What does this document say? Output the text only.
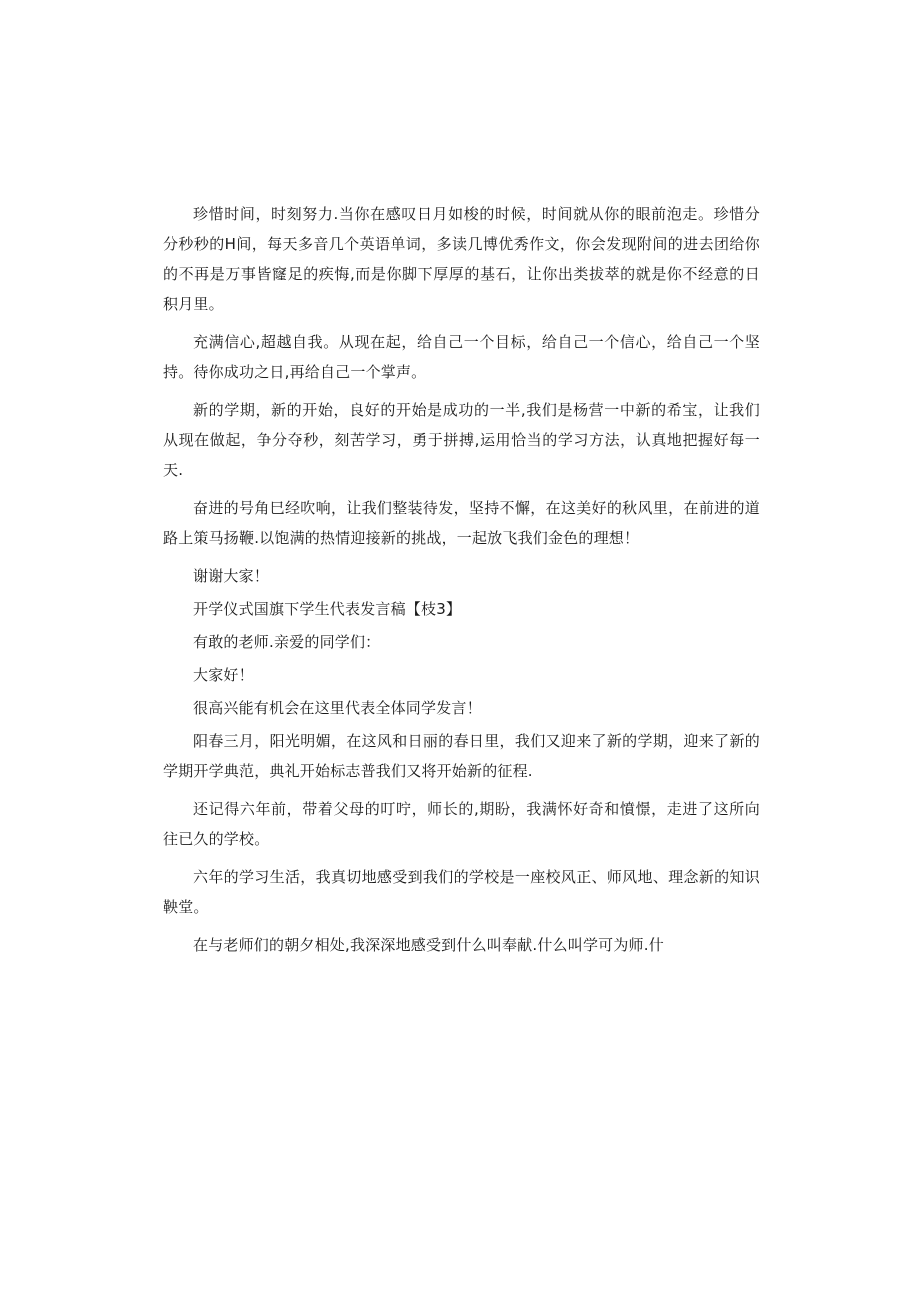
珍惜时间，时刻努力.当你在感叹日月如梭的时候，时间就从你的眼前泡走。珍惜分分秒秒的H间，每天多音几个英语单词，多读几博优秀作文，你会发现附间的进去团给你的不再是万事皆窿足的疾悔,而是你脚下厚厚的基石，让你出类拔萃的就是你不经意的日积月里。

充满信心,超越自我。从现在起，给自己一个目标，给自己一个信心，给自己一个坚持。待你成功之日,再给自己一个掌声。

新的学期，新的开始，良好的开始是成功的一半,我们是杨营一中新的希宝，让我们从现在做起，争分夺秒，刻苦学习，勇于拼搏,运用恰当的学习方法，认真地把握好每一天.

奋进的号角巳经吹响，让我们整装待发，坚持不懈，在这美好的秋风里，在前进的道路上策马扬鞭.以饱满的热情迎接新的挑战，一起放飞我们金色的理想！

谢谢大家！

开学仪式国旗下学生代表发言稿【枝3】

有敢的老师.亲爱的同学们：

大家好！

很高兴能有机会在这里代表全体同学发言！

阳春三月，阳光明媚，在这风和日丽的春日里，我们又迎来了新的学期，迎来了新的学期开学典范，典礼开始标志普我们又将开始新的征程.

还记得六年前，带着父母的叮咛，师长的,期盼，我满怀好奇和憤憬，走进了这所向往已久的学校。

六年的学习生活，我真切地感受到我们的学校是一座校风正、师风地、理念新的知识鞅堂。

在与老师们的朝夕相处,我深深地感受到什么叫奉献.什么叫学可为师.什
